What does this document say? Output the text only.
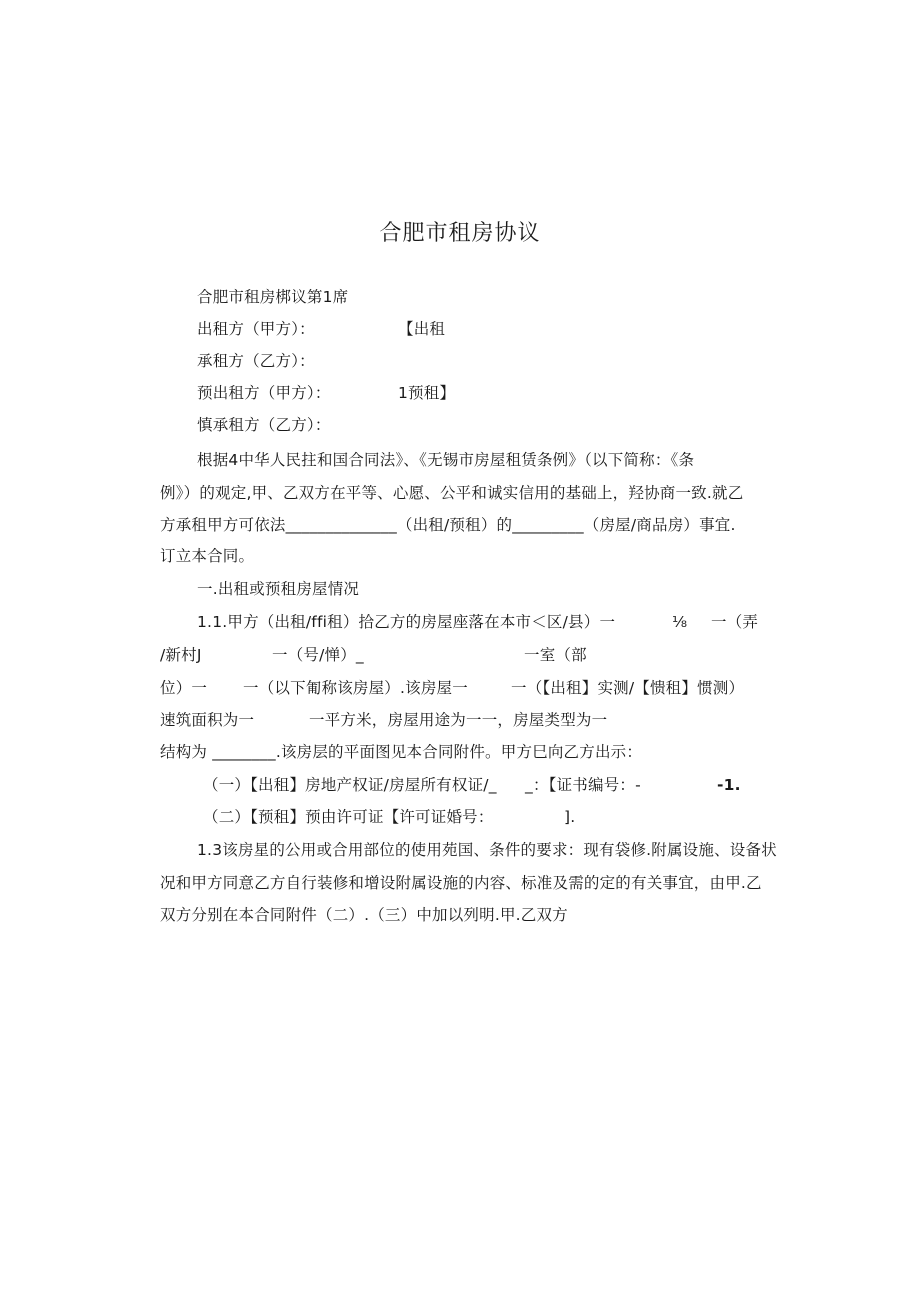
合肥市租房协议
合肥市租房梆议第1席
出租方（甲方）：	【出租
承租方（乙方）：
预出租方（甲方）：	1预租】
慎承租方（乙方）：
根据4中华人民拄和国合同法》、《无锡市房屋租赁条例》（以下简称：《条
例》）的观定,甲、乙双方在平等、心愿、公平和诚实信用的基础上，羟协商一致.就乙
方承租甲方可依法______________（出租/预租）的_________（房屋/商品房）事宜.
订立本合同。
一.出租或预租房屋情况
1.1.甲方（出租/ffi租）拾乙方的房屋座落在本市＜区/县）一	⅛ 一（弄
/新村J	一（号/惮）_	一室（部
位）一 一（以下匍称该房屋）.该房屋一	一（【出租】实测/【愦租】惯测）
速筑面积为一	一平方米，房屋用途为一一，房屋类型为一
结构为 ________.该房层的平面图见本合同附件。甲方巳向乙方出示：
（一）【出租】房地产权证/房屋所有权证/_ _：【证书编号：-	-1.
（二）【预租】预由许可证【许可证婚号：	].
1.3该房星的公用或合用部位的使用苑国、条件的要求：现有袋修.附属设施、设备状
况和甲方同意乙方自行装修和增设附属设施的内容、标准及需的定的有关事宜，由甲.乙
双方分别在本合同附件（二）.（三）中加以列明.甲.乙双方
